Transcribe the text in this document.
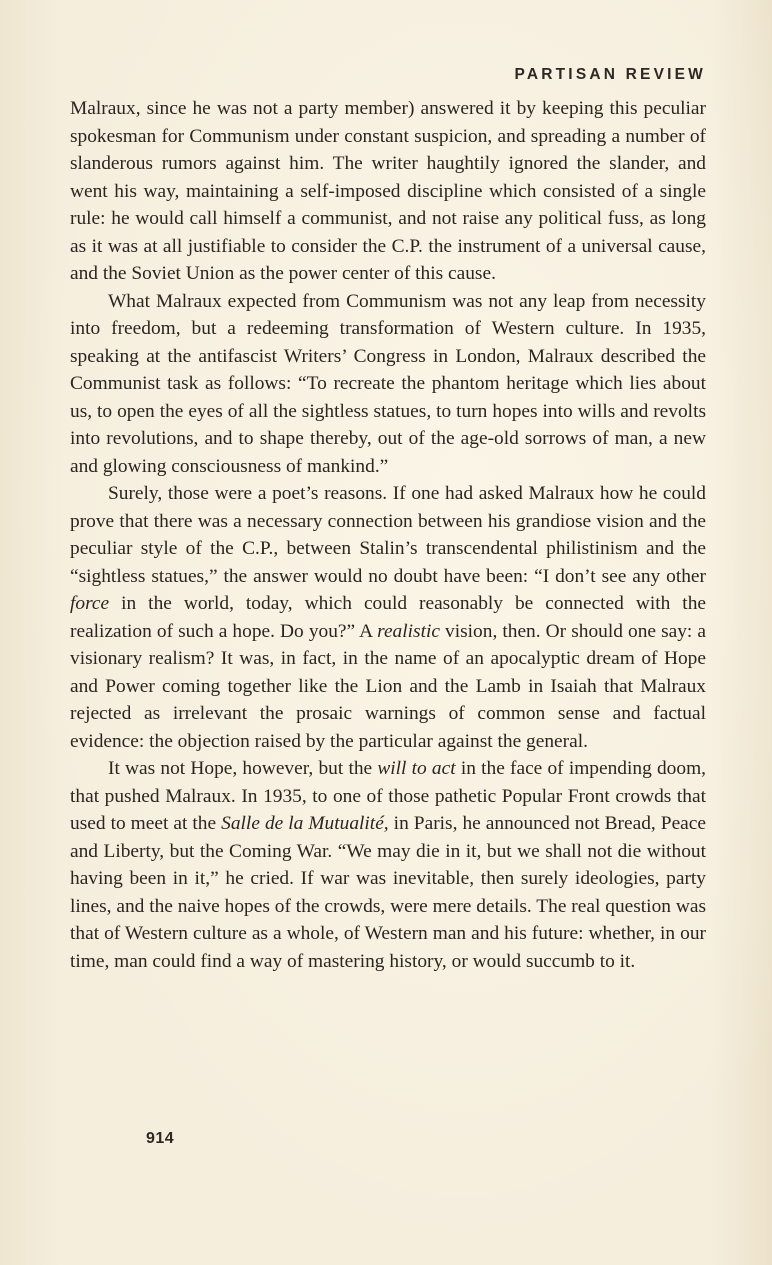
PARTISAN REVIEW

Malraux, since he was not a party member) answered it by keeping this peculiar spokesman for Communism under constant suspicion, and spreading a number of slanderous rumors against him. The writer haughtily ignored the slander, and went his way, maintaining a self-imposed discipline which consisted of a single rule: he would call himself a communist, and not raise any political fuss, as long as it was at all justifiable to consider the C.P. the instrument of a universal cause, and the Soviet Union as the power center of this cause.

What Malraux expected from Communism was not any leap from necessity into freedom, but a redeeming transformation of Western culture. In 1935, speaking at the antifascist Writers’ Congress in London, Malraux described the Communist task as follows: “To recreate the phantom heritage which lies about us, to open the eyes of all the sightless statues, to turn hopes into wills and revolts into revolutions, and to shape thereby, out of the age-old sorrows of man, a new and glowing consciousness of mankind.”

Surely, those were a poet’s reasons. If one had asked Malraux how he could prove that there was a necessary connection between his grandiose vision and the peculiar style of the C.P., between Stalin’s transcendental philistinism and the “sightless statues,” the answer would no doubt have been: “I don’t see any other force in the world, today, which could reasonably be connected with the realization of such a hope. Do you?” A realistic vision, then. Or should one say: a visionary realism? It was, in fact, in the name of an apocalyptic dream of Hope and Power coming together like the Lion and the Lamb in Isaiah that Malraux rejected as irrelevant the prosaic warnings of common sense and factual evidence: the objection raised by the particular against the general.

It was not Hope, however, but the will to act in the face of impending doom, that pushed Malraux. In 1935, to one of those pathetic Popular Front crowds that used to meet at the Salle de la Mutualité, in Paris, he announced not Bread, Peace and Liberty, but the Coming War. “We may die in it, but we shall not die without having been in it,” he cried. If war was inevitable, then surely ideologies, party lines, and the naive hopes of the crowds, were mere details. The real question was that of Western culture as a whole, of Western man and his future: whether, in our time, man could find a way of mastering history, or would succumb to it.

914
